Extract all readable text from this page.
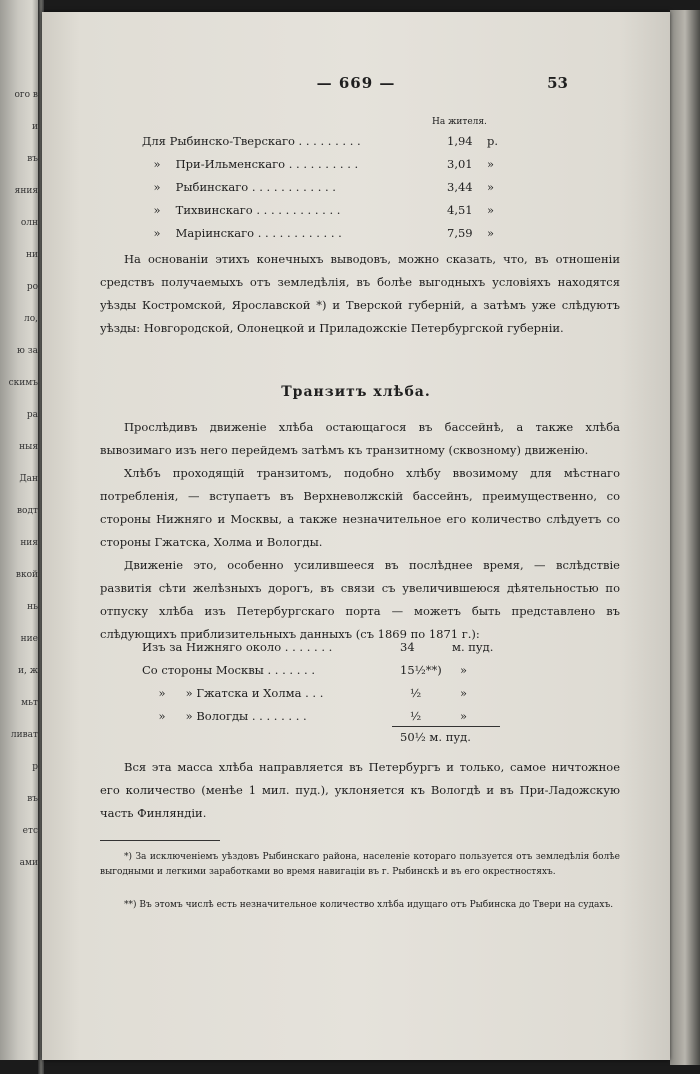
ого в
и
въ
яния
олн
ни
ро
ло,
ю за
скимъ
ра
ныя
Дан
водт
ния
вкой
нь
ние
и, ж
мьт
ливат
р
въ
етс
ами
— 669 —	53
На жителя.
Для Рыбинско-Тверскаго . . . . . . . . .	1,94 р.
» При-Ильменскаго . . . . . . . . . .	3,01 »
» Рыбинскаго . . . . . . . . . . . .	3,44 »
» Тихвинскаго . . . . . . . . . . . .	4,51 »
» Маріинскаго . . . . . . . . . . . .	7,59 »
На основаніи этихъ конечныхъ выводовъ, можно сказать, что, въ отношеніи средствъ получаемыхъ отъ земледѣлія, въ болѣе выгодныхъ условіяхъ находятся уѣзды Костромской, Ярославской *) и Тверской губерній, а затѣмъ уже слѣдуютъ уѣзды: Новгородской, Олонецкой и Приладожскіе Петербургской губерніи.
Транзитъ хлѣба.
Прослѣдивъ движеніе хлѣба остающагося въ бассейнѣ, а также хлѣба вывозимаго изъ него перейдемъ затѣмъ къ транзитному (сквозному) движенію.
Хлѣбъ проходящій транзитомъ, подобно хлѣбу ввозимому для мѣстнаго потребленія, — вступаетъ въ Верхневолжскій бассейнъ, преимущественно, со стороны Нижняго и Москвы, а также незначительное его количество слѣдуетъ со стороны Гжатска, Холма и Вологды.
Движеніе это, особенно усилившееся въ послѣднее время, — вслѣдствіе развитія сѣти желѣзныхъ дорогъ, въ связи съ увеличившеюся дѣятельностью по отпуску хлѣба изъ Петербургскаго порта — можетъ быть представлено въ слѣдующихъ приблизительныхъ данныхъ (съ 1869 по 1871 г.):
Изъ за Нижняго около . . . . . . .	34	м. пуд.
Со стороны Москвы . . . . . . .	15½**) »
» » Гжатска и Холма . . .	½	»
» » Вологды . . . . . . . .	½	»
50½ м. пуд.
Вся эта масса хлѣба направляется въ Петербургъ и только, самое ничтожное его количество (менѣе 1 мил. пуд.), уклоняется къ Вологдѣ и въ При-Ладожскую часть Финляндіи.
*) За исключеніемъ уѣздовъ Рыбинскаго района, населеніе котораго пользуется отъ земледѣлія болѣе выгодными и легкими заработками во время навигаціи въ г. Рыбинскѣ и въ его окрестностяхъ.
**) Въ этомъ числѣ есть незначительное количество хлѣба идущаго отъ Рыбинска до Твери на судахъ.
